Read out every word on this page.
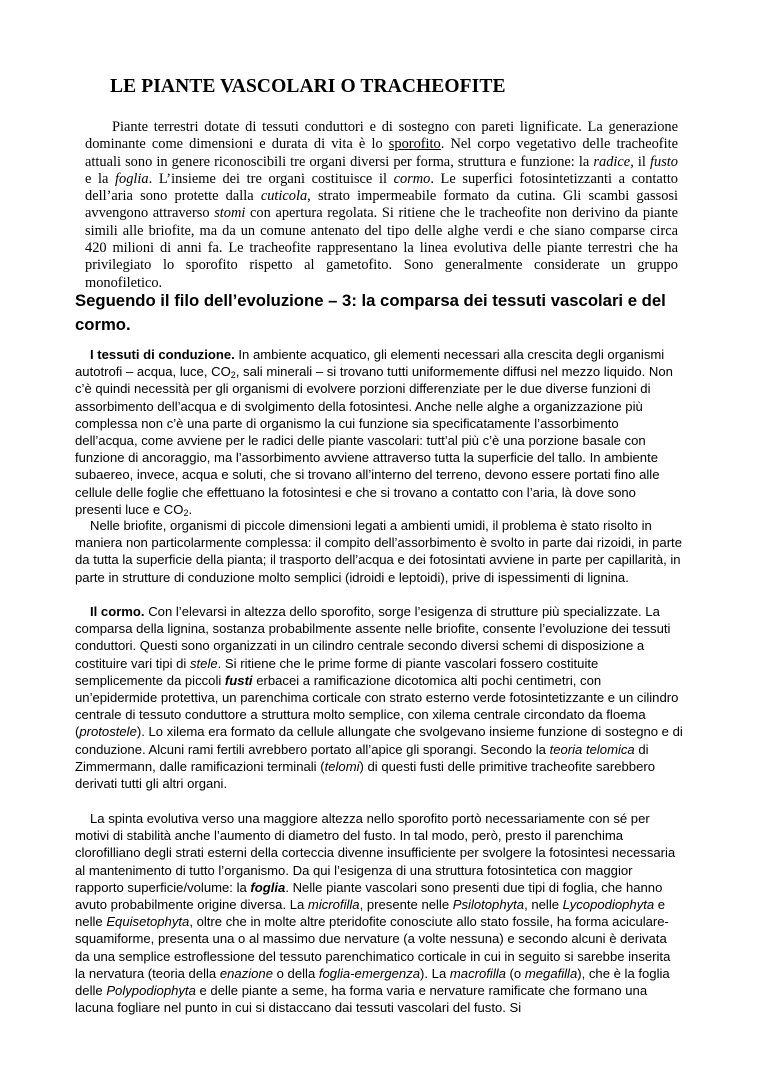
LE PIANTE VASCOLARI O TRACHEOFITE

Piante terrestri dotate di tessuti conduttori e di sostegno con pareti lignificate. La generazione dominante come dimensioni e durata di vita è lo sporofito. Nel corpo vegetativo delle tracheofite attuali sono in genere riconoscibili tre organi diversi per forma, struttura e funzione: la radice, il fusto e la foglia. L’insieme dei tre organi costituisce il cormo. Le superfici fotosintetizzanti a contatto dell’aria sono protette dalla cuticola, strato impermeabile formato da cutina. Gli scambi gassosi avvengono attraverso stomi con apertura regolata. Si ritiene che le tracheofite non derivino da piante simili alle briofite, ma da un comune antenato del tipo delle alghe verdi e che siano comparse circa 420 milioni di anni fa. Le tracheofite rappresentano la linea evolutiva delle piante terrestri che ha privilegiato lo sporofito rispetto al gametofito. Sono generalmente considerate un gruppo monofiletico.

Seguendo il filo dell’evoluzione – 3: la comparsa dei tessuti vascolari e del cormo.

I tessuti di conduzione. In ambiente acquatico, gli elementi necessari alla crescita degli organismi autotrofi – acqua, luce, $CO_2$, sali minerali – si trovano tutti uniformemente diffusi nel mezzo liquido. Non c’è quindi necessità per gli organismi di evolvere porzioni differenziate per le due diverse funzioni di assorbimento dell’acqua e di svolgimento della fotosintesi. Anche nelle alghe a organizzazione più complessa non c’è una parte di organismo la cui funzione sia specificatamente l’assorbimento dell’acqua, come avviene per le radici delle piante vascolari: tutt’al più c’è una porzione basale con funzione di ancoraggio, ma l’assorbimento avviene attraverso tutta la superficie del tallo. In ambiente subaereo, invece, acqua e soluti, che si trovano all’interno del terreno, devono essere portati fino alle cellule delle foglie che effettuano la fotosintesi e che si trovano a contatto con l’aria, là dove sono presenti luce e $CO_2$.

Nelle briofite, organismi di piccole dimensioni legati a ambienti umidi, il problema è stato risolto in maniera non particolarmente complessa: il compito dell’assorbimento è svolto in parte dai rizoidi, in parte da tutta la superficie della pianta; il trasporto dell’acqua e dei fotosintati avviene in parte per capillarità, in parte in strutture di conduzione molto semplici (idroidi e leptoidi), prive di ispessimenti di lignina.

Il cormo. Con l’elevarsi in altezza dello sporofito, sorge l’esigenza di strutture più specializzate. La comparsa della lignina, sostanza probabilmente assente nelle briofite, consente l’evoluzione dei tessuti conduttori. Questi sono organizzati in un cilindro centrale secondo diversi schemi di disposizione a costituire vari tipi di stele. Si ritiene che le prime forme di piante vascolari fossero costituite semplicemente da piccoli fusti erbacei a ramificazione dicotomica alti pochi centimetri, con un’epidermide protettiva, un parenchima corticale con strato esterno verde fotosintetizzante e un cilindro centrale di tessuto conduttore a struttura molto semplice, con xilema centrale circondato da floema (protostele). Lo xilema era formato da cellule allungate che svolgevano insieme funzione di sostegno e di conduzione. Alcuni rami fertili avrebbero portato all’apice gli sporangi. Secondo la teoria telomica di Zimmermann, dalle ramificazioni terminali (telomi) di questi fusti delle primitive tracheofite sarebbero derivati tutti gli altri organi.

La spinta evolutiva verso una maggiore altezza nello sporofito portò necessariamente con sé per motivi di stabilità anche l’aumento di diametro del fusto. In tal modo, però, presto il parenchima clorofilliano degli strati esterni della corteccia divenne insufficiente per svolgere la fotosintesi necessaria al mantenimento di tutto l’organismo. Da qui l’esigenza di una struttura fotosintetica con maggior rapporto superficie/volume: la foglia. Nelle piante vascolari sono presenti due tipi di foglia, che hanno avuto probabilmente origine diversa. La microfilla, presente nelle Psilotophyta, nelle Lycopodiophyta e nelle Equisetophyta, oltre che in molte altre pteridofite conosciute allo stato fossile, ha forma aciculare-squamiforme, presenta una o al massimo due nervature (a volte nessuna) e secondo alcuni è derivata da una semplice estroflessione del tessuto parenchimatico corticale in cui in seguito si sarebbe inserita la nervatura (teoria della enazione o della foglia-emergenza). La macrofilla (o megafilla), che è la foglia delle Polypodiophyta e delle piante a seme, ha forma varia e nervature ramificate che formano una lacuna fogliare nel punto in cui si distaccano dai tessuti vascolari del fusto. Si
